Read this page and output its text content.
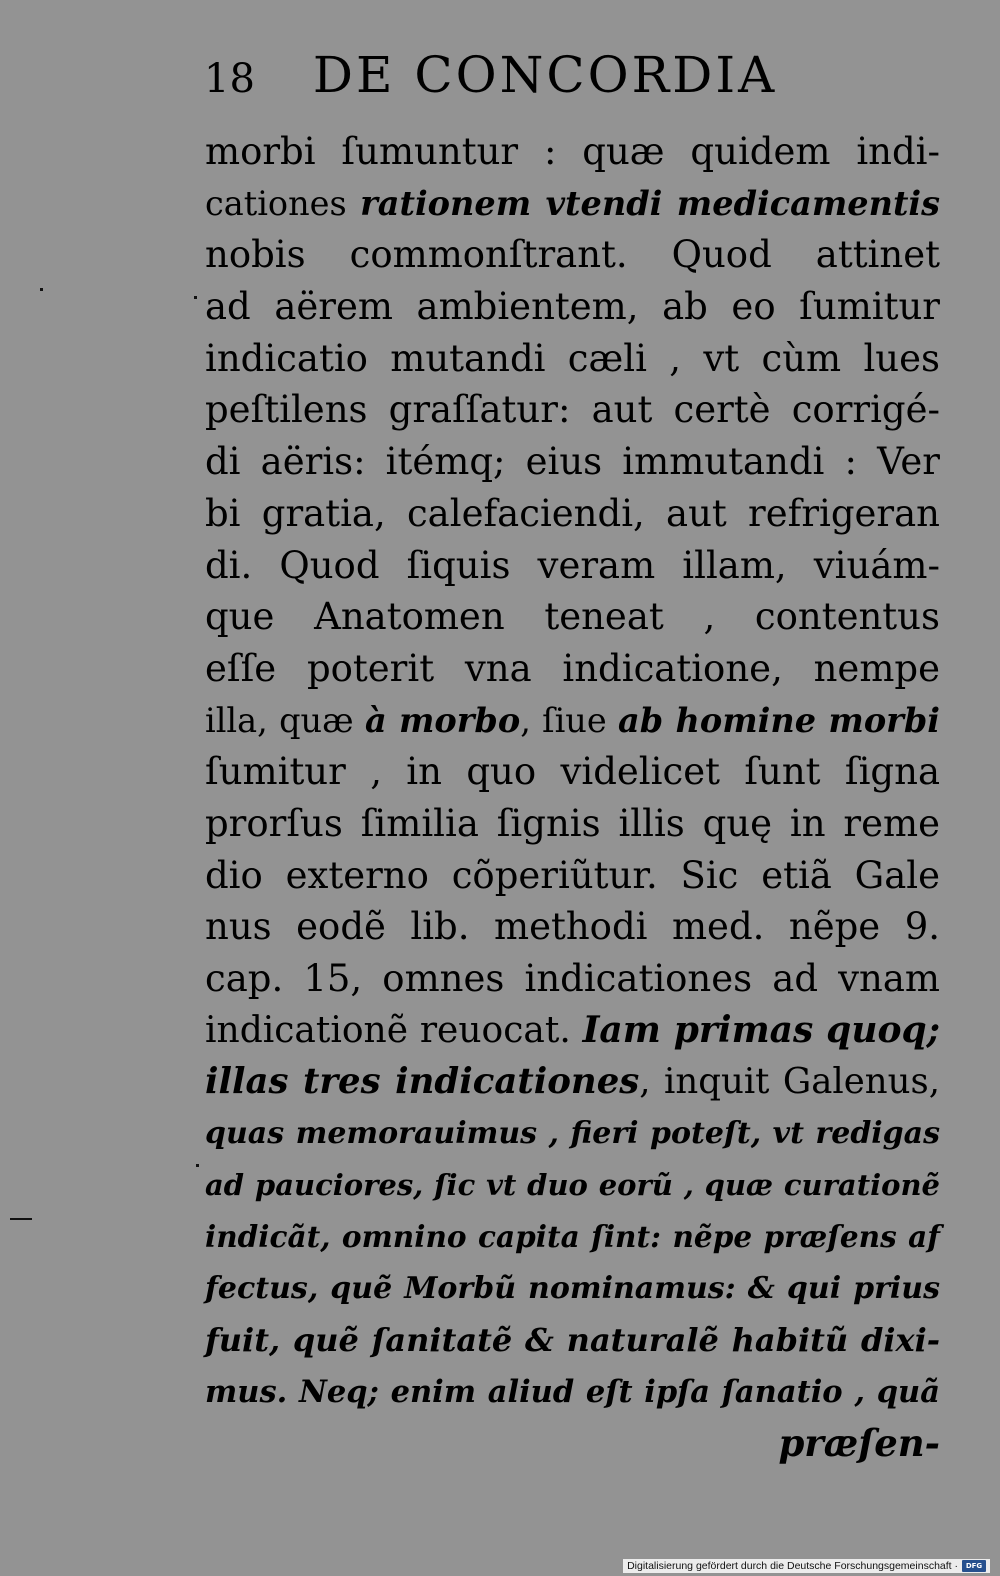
18 DE CONCORDIA
morbi ſumuntur : quæ quidem indi-
cationes rationem vtendi medicamentis
nobis commonſtrant. Quod attinet
ad aërem ambientem, ab eo ſumitur
indicatio mutandi cæli , vt cùm lues
peſtilens graſſatur: aut certè corrigé-
di aëris: itémq; eius immutandi : Ver
bi gratia, calefaciendi, aut refrigeran
di. Quod ſiquis veram illam, viuám-
que Anatomen teneat , contentus
eſſe poterit vna indicatione, nempe
illa, quæ à morbo, ſiue ab homine morbi
ſumitur , in quo videlicet ſunt ſigna
prorſus ſimilia ſignis illis quę in reme
dio externo cõperiũtur. Sic etiã Gale
nus eodẽ lib. methodi med. nẽpe 9.
cap. 15, omnes indicationes ad vnam
indicationẽ reuocat. Iam primas quoq;
illas tres indicationes, inquit Galenus,
quas memorauimus , fieri poteſt, vt redigas
ad pauciores, ſic vt duo eorũ , quæ curationẽ
indicãt, omnino capita ſint: nẽpe præſens af
fectus, quẽ Morbũ nominamus: & qui prius
fuit, quẽ ſanitatẽ & naturalẽ habitũ dixi-
mus. Neq; enim aliud eſt ipſa ſanatio , quã
præſen-
Digitalisierung gefördert durch die Deutsche Forschungsgemeinschaft ·	DFG
